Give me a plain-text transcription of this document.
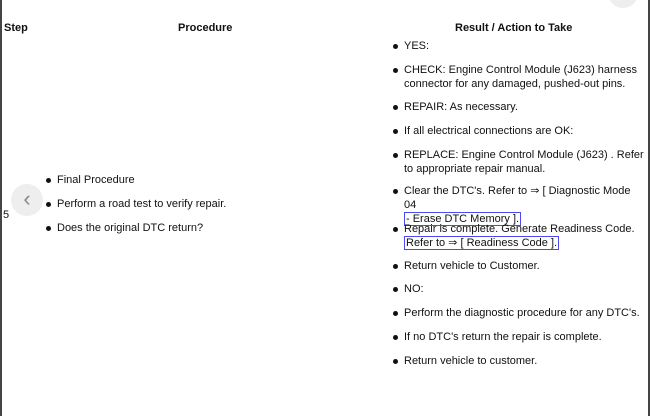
Step	Procedure	Result / Action to Take
5
‹
Final Procedure
Perform a road test to verify repair.
Does the original DTC return?
YES:
CHECK: Engine Control Module (J623) harness connector for any damaged, pushed-out pins.
REPAIR: As necessary.
If all electrical connections are OK:
REPLACE: Engine Control Module (J623) . Refer to appropriate repair manual.
Clear the DTC's. Refer to ⇒ [ Diagnostic Mode 04
- Erase DTC Memory ].
Repair is complete. Generate Readiness Code.
Refer to ⇒ [ Readiness Code ].
Return vehicle to Customer.
NO:
Perform the diagnostic procedure for any DTC's.
If no DTC's return the repair is complete.
Return vehicle to customer.
